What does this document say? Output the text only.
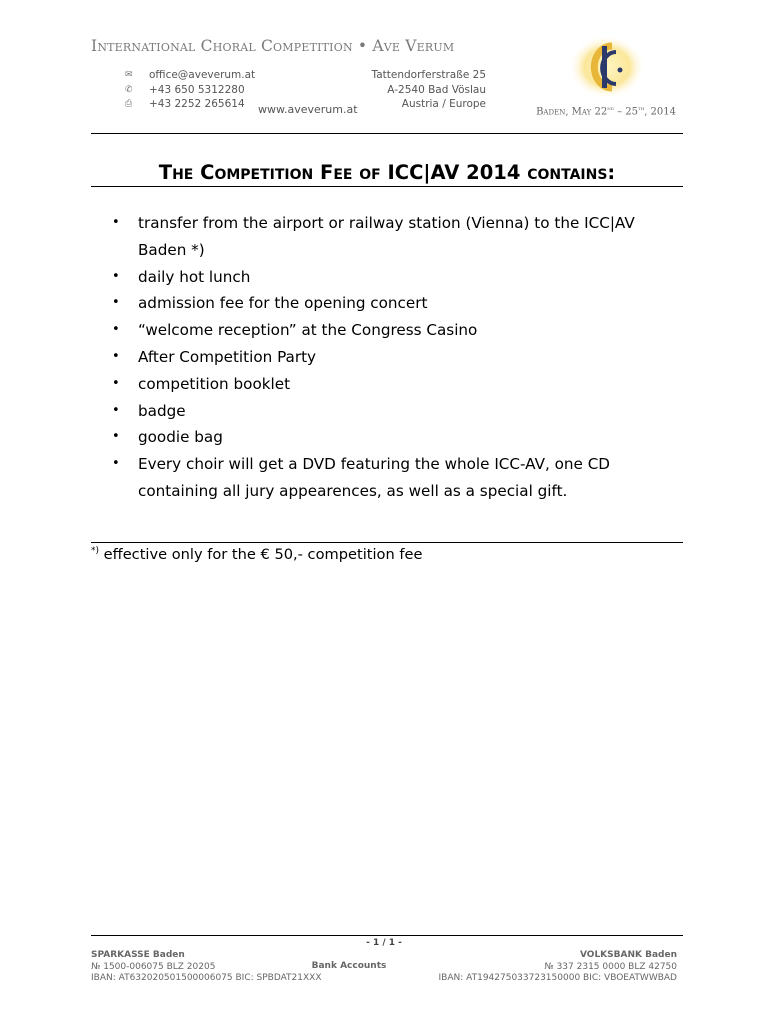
International Choral Competition • Ave Verum
✉	office@aveverum.at
✆	+43 650 5312280
⎙	+43 2252 265614
Tattendorferstraße 25
A-2540 Bad Vöslau
Austria / Europe
www.aveverum.at	Baden, May 22nd – 25th, 2014
The Competition Fee of ICC|AV 2014 contains:
• transfer from the airport or railway station (Vienna) to the ICC|AV Baden *)
• daily hot lunch
• admission fee for the opening concert
• “welcome reception” at the Congress Casino
• After Competition Party
• competition booklet
• badge
• goodie bag
• Every choir will get a DVD featuring the whole ICC-AV, one CD containing all jury appearences, as well as a special gift.
*) effective only for the € 50,- competition fee
- 1 / 1 -
SPARKASSE Baden
№ 1500-006075 BLZ 20205
IBAN: AT632020501500006075 BIC: SPBDAT21XXX
Bank Accounts
VOLKSBANK Baden
№ 337 2315 0000 BLZ 42750
IBAN: AT194275033723150000 BIC: VBOEATWWBAD
